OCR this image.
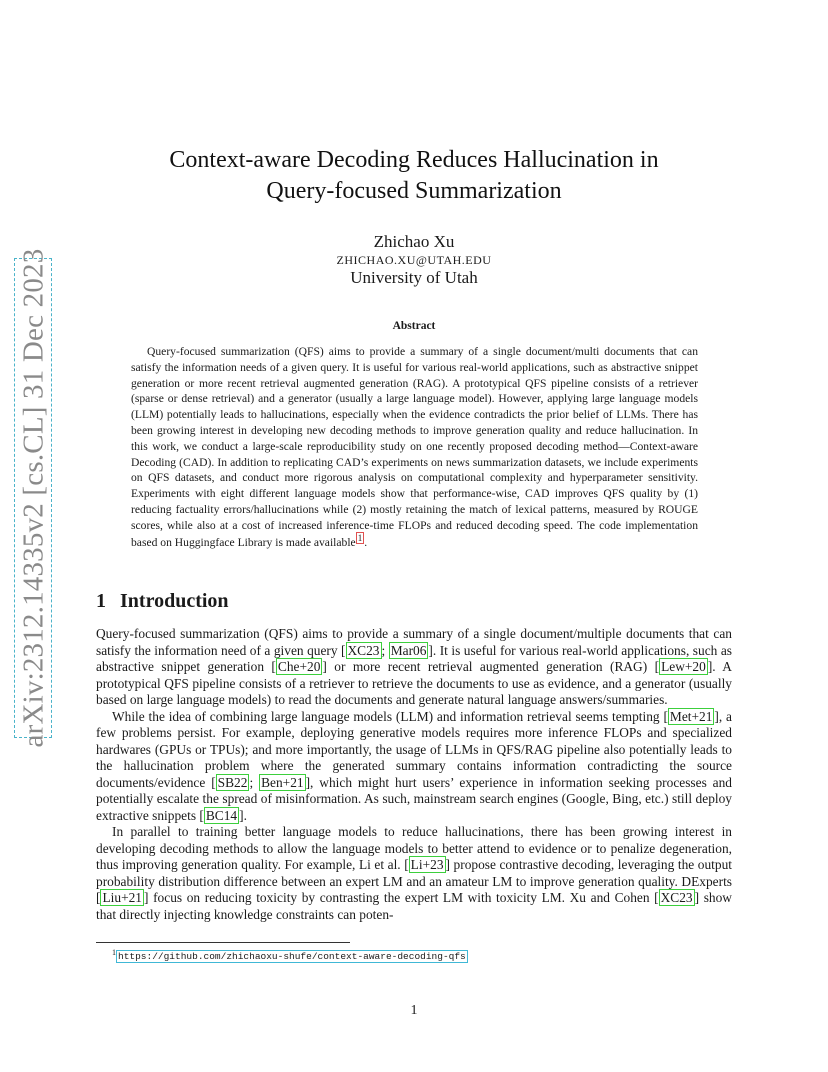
arXiv:2312.14335v2 [cs.CL] 31 Dec 2023
Context-aware Decoding Reduces Hallucination in
Query-focused Summarization
Zhichao Xu
ZHICHAO.XU@UTAH.EDU
University of Utah
Abstract

Query-focused summarization (QFS) aims to provide a summary of a single document/multi documents that can satisfy the information needs of a given query. It is useful for various real-world applications, such as abstractive snippet generation or more recent retrieval augmented generation (RAG). A prototypical QFS pipeline consists of a retriever (sparse or dense retrieval) and a generator (usually a large language model). However, applying large language models (LLM) potentially leads to hallucinations, especially when the evidence contradicts the prior belief of LLMs. There has been growing interest in developing new decoding methods to improve generation quality and reduce hallucination. In this work, we conduct a large-scale reproducibility study on one recently proposed decoding method—Context-aware Decoding (CAD). In addition to replicating CAD’s experiments on news summarization datasets, we include experiments on QFS datasets, and conduct more rigorous analysis on computational complexity and hyperparameter sensitivity. Experiments with eight different language models show that performance-wise, CAD improves QFS quality by (1) reducing factuality errors/hallucinations while (2) mostly retaining the match of lexical patterns, measured by ROUGE scores, while also at a cost of increased inference-time FLOPs and reduced decoding speed. The code implementation based on Huggingface Library is made available $^1$ .

1 Introduction

Query-focused summarization (QFS) aims to provide a summary of a single document/multiple documents that can satisfy the information need of a given query [ XC23 ; Mar06 ]. It is useful for various real-world applications, such as abstractive snippet generation [ Che+20 ] or more recent retrieval augmented generation (RAG) [ Lew+20 ]. A prototypical QFS pipeline consists of a retriever to retrieve the documents to use as evidence, and a generator (usually based on large language models) to read the documents and generate natural language answers/summaries.

While the idea of combining large language models (LLM) and information retrieval seems tempting [ Met+21 ], a few problems persist. For example, deploying generative models requires more inference FLOPs and specialized hardwares (GPUs or TPUs); and more importantly, the usage of LLMs in QFS/RAG pipeline also potentially leads to the hallucination problem where the generated summary contains information contradicting the source documents/evidence [ SB22 ; Ben+21 ], which might hurt users’ experience in information seeking processes and potentially escalate the spread of misinformation. As such, mainstream search engines (Google, Bing, etc.) still deploy extractive snippets [ BC14 ].

In parallel to training better language models to reduce hallucinations, there has been growing interest in developing decoding methods to allow the language models to better attend to evidence or to penalize degeneration, thus improving generation quality. For example, Li et al. [ Li+23 ] propose contrastive decoding, leveraging the output probability distribution difference between an expert LM and an amateur LM to improve generation quality. DExperts [ Liu+21 ] focus on reducing toxicity by contrasting the expert LM with toxicity LM. Xu and Cohen [ XC23 ] show that directly injecting knowledge constraints can poten-

$^1$ https://github.com/zhichaoxu-shufe/context-aware-decoding-qfs
1
